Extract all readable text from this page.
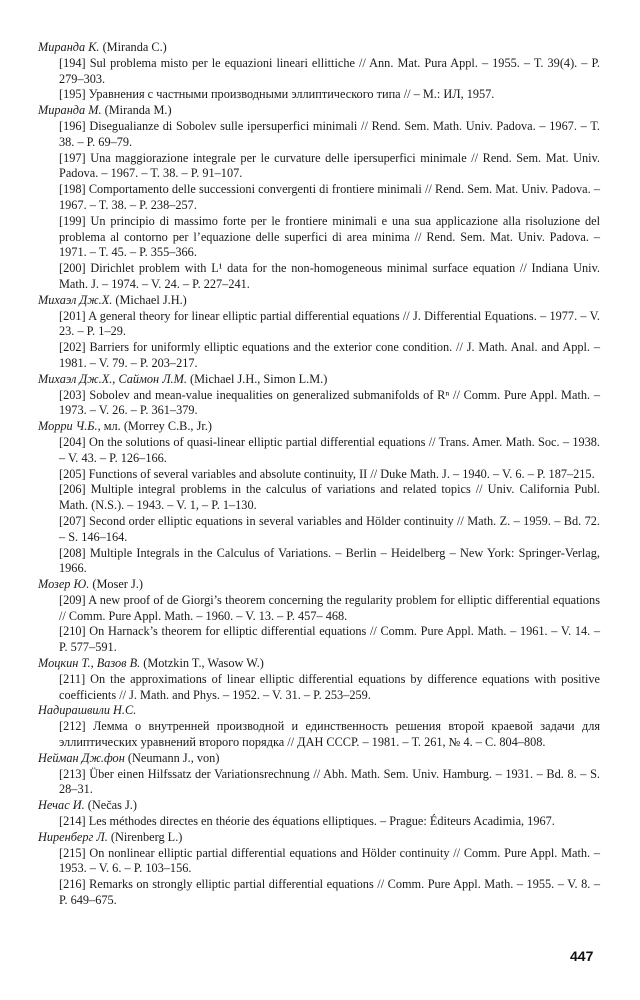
Миранда К. (Miranda C.)
[194] Sul problema misto per le equazioni lineari ellittiche // Ann. Mat. Pura Appl. – 1955. – T. 39(4). – P. 279–303.
[195] Уравнения с частными производными эллиптического типа // – M.: ИЛ, 1957.
Миранда М. (Miranda M.)
[196] Disegualianze di Sobolev sulle ipersuperfici minimali // Rend. Sem. Math. Univ. Padova. – 1967. – T. 38. – P. 69–79.
[197] Una maggiorazione integrale per le curvature delle ipersuperfici minimale // Rend. Sem. Mat. Univ. Padova. – 1967. – T. 38. – P. 91–107.
[198] Comportamento delle successioni convergenti di frontiere minimali // Rend. Sem. Mat. Univ. Padova. – 1967. – T. 38. – P. 238–257.
[199] Un principio di massimo forte per le frontiere minimali e una sua applicazione alla risoluzione del problema al contorno per l’equazione delle superfici di area minima // Rend. Sem. Mat. Univ. Padova. – 1971. – T. 45. – P. 355–366.
[200] Dirichlet problem with L¹ data for the non-homogeneous minimal surface equation // Indiana Univ. Math. J. – 1974. – V. 24. – P. 227–241.
Михаэл Дж.Х. (Michael J.H.)
[201] A general theory for linear elliptic partial differential equations // J. Differential Equations. – 1977. – V. 23. – P. 1–29.
[202] Barriers for uniformly elliptic equations and the exterior cone condition. // J. Math. Anal. and Appl. – 1981. – V. 79. – P. 203–217.
Михаэл Дж.Х., Саймон Л.М. (Michael J.H., Simon L.M.)
[203] Sobolev and mean-value inequalities on generalized submanifolds of Rⁿ // Comm. Pure Appl. Math. – 1973. – V. 26. – P. 361–379.
Морри Ч.Б., мл. (Morrey C.B., Jr.)
[204] On the solutions of quasi-linear elliptic partial differential equations // Trans. Amer. Math. Soc. – 1938. – V. 43. – P. 126–166.
[205] Functions of several variables and absolute continuity, II // Duke Math. J. – 1940. – V. 6. – P. 187–215.
[206] Multiple integral problems in the calculus of variations and related topics // Univ. California Publ. Math. (N.S.). – 1943. – V. 1, – P. 1–130.
[207] Second order elliptic equations in several variables and Hölder continuity // Math. Z. – 1959. – Bd. 72. – S. 146–164.
[208] Multiple Integrals in the Calculus of Variations. – Berlin – Heidelberg – New York: Springer-Verlag, 1966.
Мозер Ю. (Moser J.)
[209] A new proof of de Giorgi’s theorem concerning the regularity problem for elliptic differential equations // Comm. Pure Appl. Math. – 1960. – V. 13. – P. 457– 468.
[210] On Harnack’s theorem for elliptic differential equations // Comm. Pure Appl. Math. – 1961. – V. 14. – P. 577–591.
Моцкин Т., Вазов В. (Motzkin T., Wasow W.)
[211] On the approximations of linear elliptic differential equations by difference equations with positive coefficients // J. Math. and Phys. – 1952. – V. 31. – P. 253–259.
Надирашвили Н.С.
[212] Лемма о внутренней производной и единственность решения второй краевой задачи для эллиптических уравнений второго порядка // ДАН СССР. – 1981. – Т. 261, № 4. – С. 804–808.
Нейман Дж.фон (Neumann J., von)
[213] Über einen Hilfssatz der Variationsrechnung // Abh. Math. Sem. Univ. Hamburg. – 1931. – Bd. 8. – S. 28–31.
Нечас И. (Nečas J.)
[214] Les méthodes directes en théorie des équations elliptiques. – Prague: Éditeurs Acadimia, 1967.
Ниренберг Л. (Nirenberg L.)
[215] On nonlinear elliptic partial differential equations and Hölder continuity // Comm. Pure Appl. Math. – 1953. – V. 6. – P. 103–156.
[216] Remarks on strongly elliptic partial differential equations // Comm. Pure Appl. Math. – 1955. – V. 8. – P. 649–675.
447
